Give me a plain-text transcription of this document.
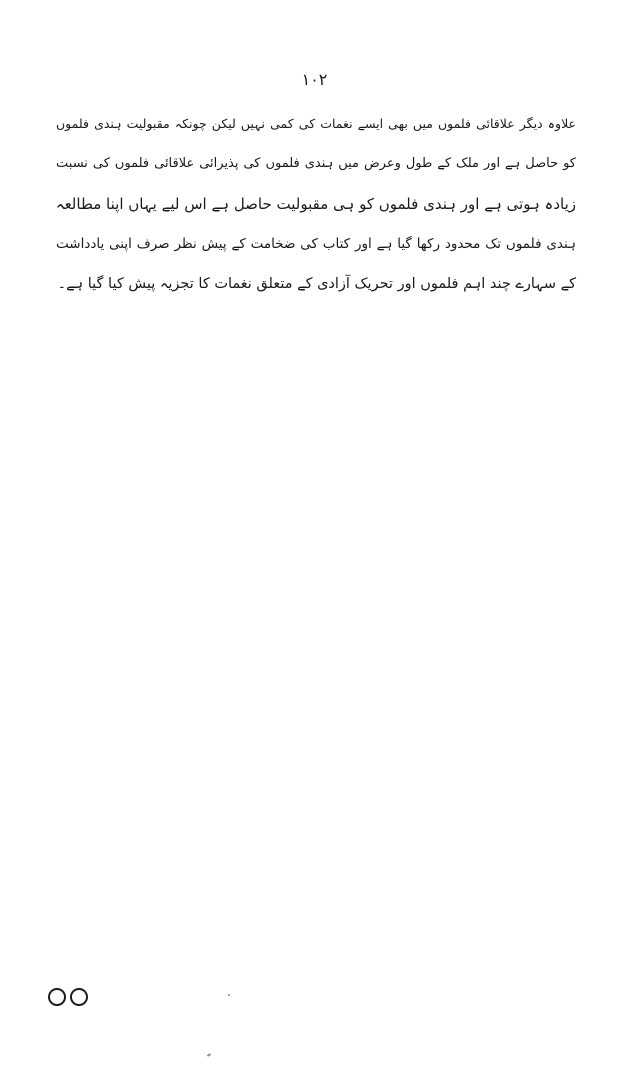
۱۰۲
علاوہ دیگر علاقائی فلموں میں بھی ایسے نغمات کی کمی نہیں لیکن چونکہ مقبولیت ہندی فلموں
کو حاصل ہے اور ملک کے طول وعرض میں ہندی فلموں کی پذیرائی علاقائی فلموں کی نسبت
زیادہ ہوتی ہے اور ہندی فلموں کو ہی مقبولیت حاصل ہے اس لیے یہاں اپنا مطالعہ
ہندی فلموں تک محدود رکھا گیا ہے اور کتاب کی ضخامت کے پیش نظر صرف اپنی یادداشت
کے سہارے چند اہم فلموں اور تحریک آزادی کے متعلق نغمات کا تجزیہ پیش کیا گیا ہے۔
